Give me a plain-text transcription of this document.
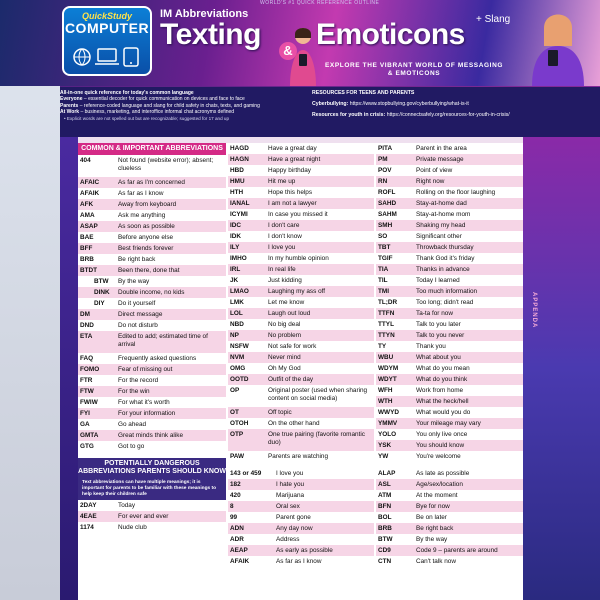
QuickStudy
COMPUTER
WORLD'S #1 QUICK REFERENCE OUTLINE
IM Abbreviations
Texting	& Emoticons + Slang
EXPLORE THE VIBRANT WORLD OF MESSAGING & EMOTICONS
All-in-one quick reference for today's common language
Everyone – essential decoder for quick communication on devices and face to face
Parents – reference-coded language and slang for child safety in chats, texts, and gaming
At Work – business, marketing, and interoffice informal chat acronyms defined
• Explicit words are not spelled out but are recognizable; suggested for 17 and up
RESOURCES FOR TEENS AND PARENTS
Cyberbullying: https://www.stopbullying.gov/cyberbullying/what-is-it
Resources for youth in crisis: https://connectsafely.org/resources-for-youth-in-crisis/
APPENDA
COMMON & IMPORTANT ABBREVIATIONS
404	Not found (website error); absent; clueless
AFAIC	As far as I'm concerned
AFAIK	As far as I know
AFK	Away from keyboard
AMA	Ask me anything
ASAP	As soon as possible
BAE	Before anyone else
BFF	Best friends forever
BRB	Be right back
BTDT	Been there, done that
BTW	By the way
DINK	Double income, no kids
DIY	Do it yourself
DM	Direct message
DND	Do not disturb
ETA	Edited to add; estimated time of arrival
FAQ	Frequently asked questions
FOMO	Fear of missing out
FTR	For the record
FTW	For the win
FWIW	For what it's worth
FYI	For your information
GA	Go ahead
GMTA	Great minds think alike
GTG	Got to go
POTENTIALLY DANGEROUS ABBREVIATIONS PARENTS SHOULD KNOW
Text abbreviations can have multiple meanings; it is important for parents to be familiar with these meanings to help keep their children safe
2DAY	Today
4EAE	For ever and ever
1174	Nude club
HAGD	Have a great day
HAGN	Have a great night
HBD	Happy birthday
HMU	Hit me up
HTH	Hope this helps
IANAL	I am not a lawyer
ICYMI	In case you missed it
IDC	I don't care
IDK	I don't know
ILY	I love you
IMHO	In my humble opinion
IRL	In real life
JK	Just kidding
LMAO	Laughing my ass off
LMK	Let me know
LOL	Laugh out loud
NBD	No big deal
NP	No problem
NSFW	Not safe for work
NVM	Never mind
OMG	Oh My God
OOTD	Outfit of the day
OP	Original poster (used when sharing content on social media)
OT	Off topic
OTOH	On the other hand
OTP	One true pairing (favorite romantic duo)
PAW	Parents are watching
143 or 459	I love you
182	I hate you
420	Marijuana
8	Oral sex
99	Parent gone
ADN	Any day now
ADR	Address
AEAP	As early as possible
AFAIK	As far as I know
PITA	Parent in the area
PM	Private message
POV	Point of view
RN	Right now
ROFL	Rolling on the floor laughing
SAHD	Stay-at-home dad
SAHM	Stay-at-home mom
SMH	Shaking my head
SO	Significant other
TBT	Throwback thursday
TGIF	Thank God it's friday
TIA	Thanks in advance
TIL	Today I learned
TMI	Too much information
TL;DR	Too long; didn't read
TTFN	Ta-ta for now
TTYL	Talk to you later
TTYN	Talk to you never
TY	Thank you
WBU	What about you
WDYM	What do you mean
WDYT	What do you think
WFH	Work from home
WTH	What the heck/hell
WWYD	What would you do
YMMV	Your mileage may vary
YOLO	You only live once
YSK	You should know
YW	You're welcome
ALAP	As late as possible
ASL	Age/sex/location
ATM	At the moment
BFN	Bye for now
BOL	Be on later
BRB	Be right back
BTW	By the way
CD9	Code 9 – parents are around
CTN	Can't talk now
